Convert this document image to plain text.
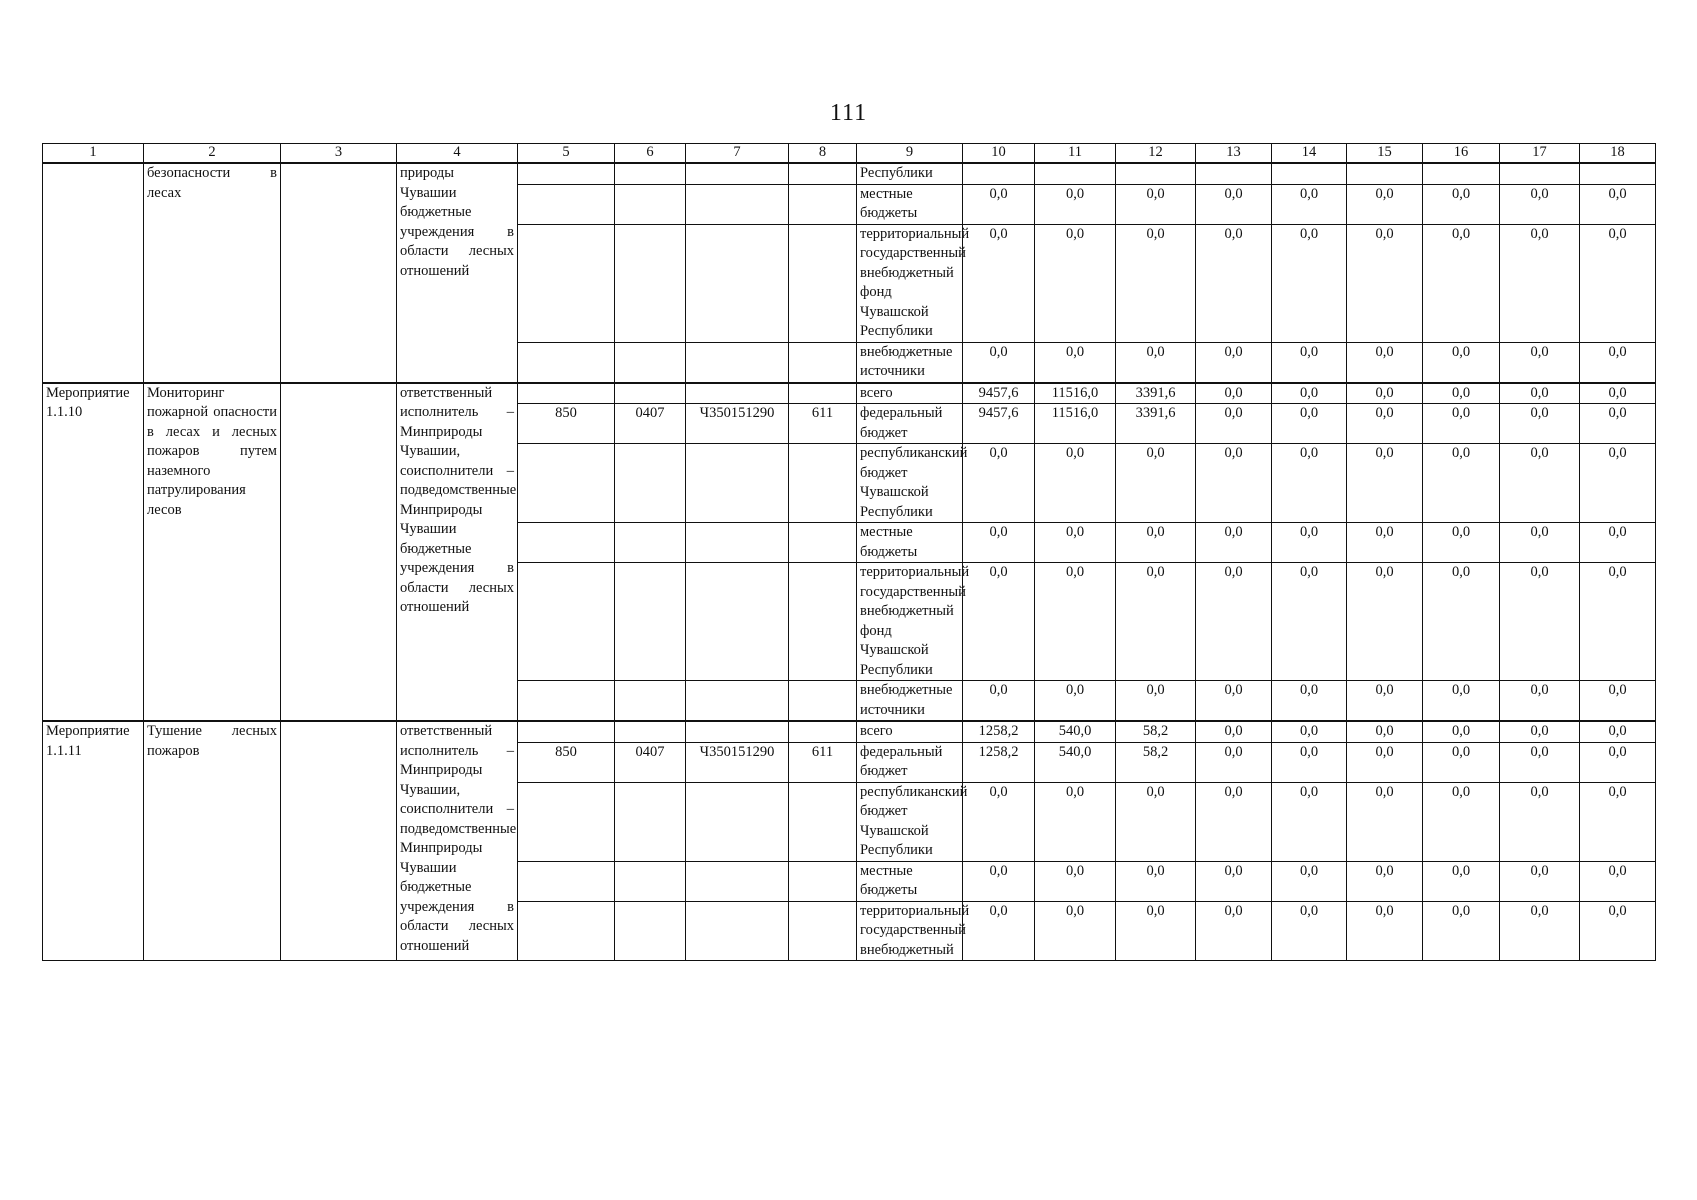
111
1	2	3	4	5	6	7	8	9	10	11	12	13	14	15	16	17	18
	безопасности в лесах		природы Чувашии бюджетные учреждения в области лесных отношений					Республики									
								местные бюджеты	0,0	0,0	0,0	0,0	0,0	0,0	0,0	0,0	0,0
								территориальный государственный внебюджетный фонд Чувашской Республики	0,0	0,0	0,0	0,0	0,0	0,0	0,0	0,0	0,0
								внебюджетные источники	0,0	0,0	0,0	0,0	0,0	0,0	0,0	0,0	0,0
Мероприятие 1.1.10	Мониторинг пожарной опасности в лесах и лесных пожаров путем наземного патрулирования лесов		ответственный исполнитель – Минприроды Чувашии, соисполнители – подведомственные Минприроды Чувашии бюджетные учреждения в области лесных отношений					всего	9457,6	11516,0	3391,6	0,0	0,0	0,0	0,0	0,0	0,0
				850	0407	Ч350151290	611	федеральный бюджет	9457,6	11516,0	3391,6	0,0	0,0	0,0	0,0	0,0	0,0
								республиканский бюджет Чувашской Республики	0,0	0,0	0,0	0,0	0,0	0,0	0,0	0,0	0,0
								местные бюджеты	0,0	0,0	0,0	0,0	0,0	0,0	0,0	0,0	0,0
								территориальный государственный внебюджетный фонд Чувашской Республики	0,0	0,0	0,0	0,0	0,0	0,0	0,0	0,0	0,0
								внебюджетные источники	0,0	0,0	0,0	0,0	0,0	0,0	0,0	0,0	0,0
Мероприятие 1.1.11	Тушение лесных пожаров		ответственный исполнитель – Минприроды Чувашии, соисполнители – подведомственные Минприроды Чувашии бюджетные учреждения в области лесных отношений					всего	1258,2	540,0	58,2	0,0	0,0	0,0	0,0	0,0	0,0
				850	0407	Ч350151290	611	федеральный бюджет	1258,2	540,0	58,2	0,0	0,0	0,0	0,0	0,0	0,0
								республиканский бюджет Чувашской Республики	0,0	0,0	0,0	0,0	0,0	0,0	0,0	0,0	0,0
								местные бюджеты	0,0	0,0	0,0	0,0	0,0	0,0	0,0	0,0	0,0
								территориальный государственный внебюджетный	0,0	0,0	0,0	0,0	0,0	0,0	0,0	0,0	0,0
